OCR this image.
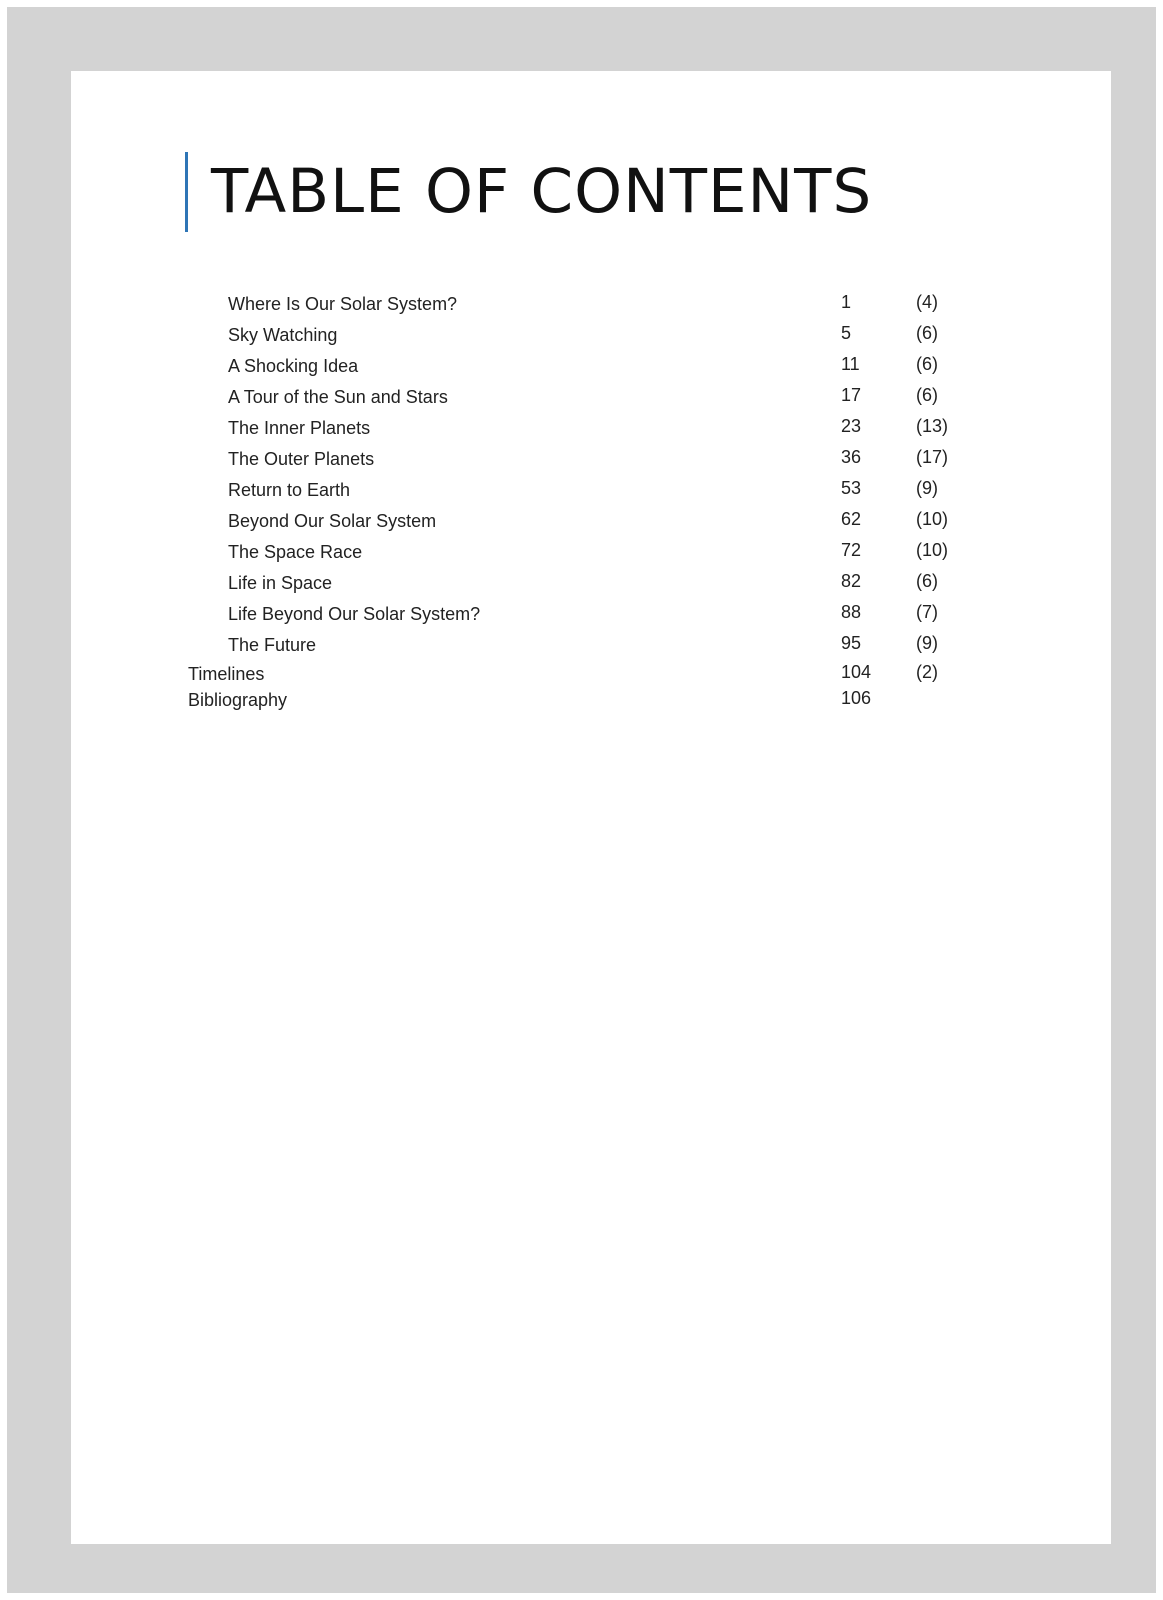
TABLE OF CONTENTS
Where Is Our Solar System?	1	(4)
Sky Watching	5	(6)
A Shocking Idea	11	(6)
A Tour of the Sun and Stars	17	(6)
The Inner Planets	23	(13)
The Outer Planets	36	(17)
Return to Earth	53	(9)
Beyond Our Solar System	62	(10)
The Space Race	72	(10)
Life in Space	82	(6)
Life Beyond Our Solar System?	88	(7)
The Future	95	(9)
Timelines	104 (2)
Bibliography	106
